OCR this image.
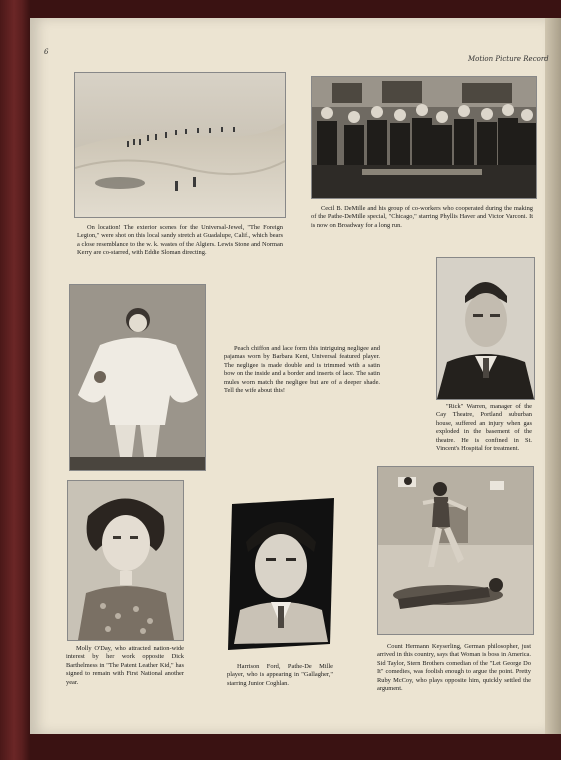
6
Motion Picture Record

On location! The exterior scenes for the Universal-Jewel, "The Foreign Legion," were shot on this local sandy stretch at Guadalupe, Calif., which bears a close resemblance to the w. k. wastes of the Algiers. Lewis Stone and Norman Kerry are co-starred, with Eddie Sloman directing.

Cecil B. DeMille and his group of co-workers who cooperated during the making of the Pathe-DeMille special, "Chicago," starring Phyllis Haver and Victor Varconi. It is now on Broadway for a long run.

Peach chiffon and lace form this intriguing negligee and pajamas worn by Barbara Kent, Universal featured player. The negligee is made double and is trimmed with a satin bow on the inside and a border and inserts of lace. The satin mules worn match the negligee but are of a deeper shade. Tell the wife about this!

"Rick" Warren, manager of the Cay Theatre, Portland suburban house, suffered an injury when gas exploded in the basement of the theatre. He is confined in St. Vincent's Hospital for treatment.

Molly O'Day, who attracted nation-wide interest by her work opposite Dick Barthelmess in "The Patent Leather Kid," has signed to remain with First National another year.

Harrison Ford, Pathe-De Mille player, who is appearing in "Gallagher," starring Junior Coghlan.

Count Hermann Keyserling, German philosopher, just arrived in this country, says that Woman is boss in America. Sid Taylor, Stern Brothers comedian of the "Let George Do It" comedies, was foolish enough to argue the point. Pretty Ruby McCoy, who plays opposite him, quickly settled the argument.
